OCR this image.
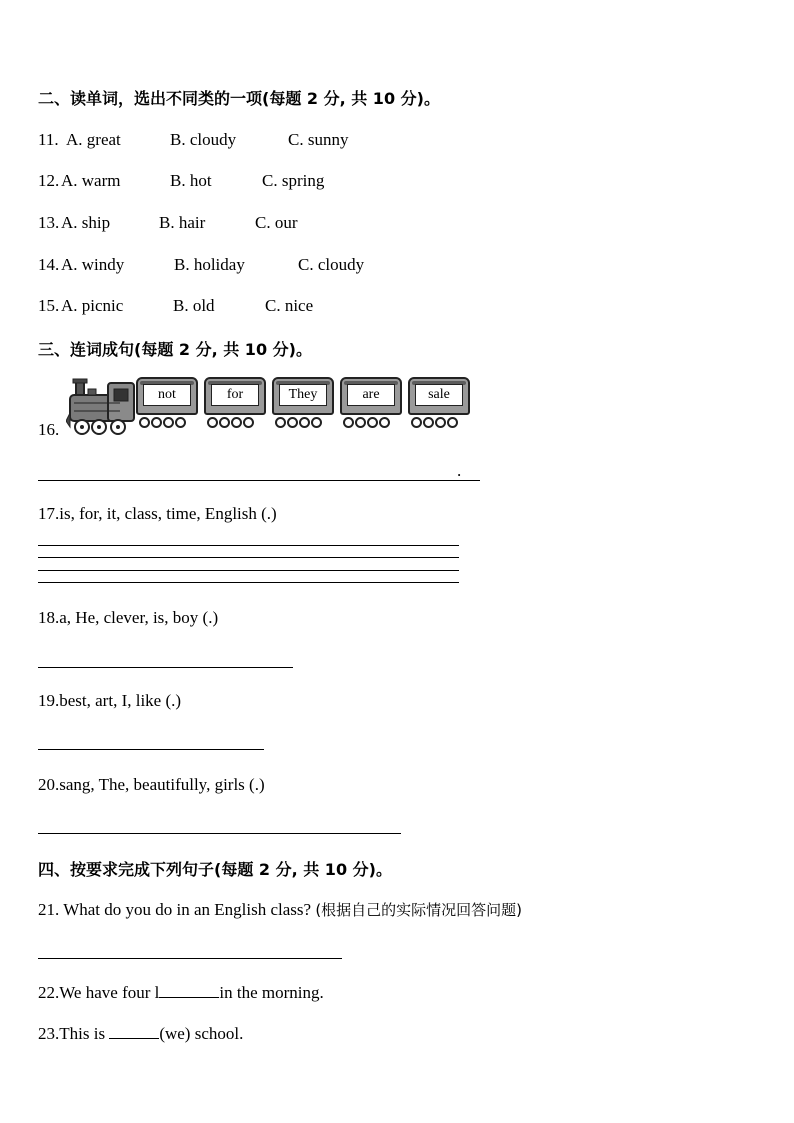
二、读单词，选出不同类的一项(每题 2 分, 共 10 分)。
11. A. great	B. cloudy	C. sunny
12. A. warm	B. hot	C. spring
13. A. ship	B. hair	C. our
14. A. windy	B. holiday	C. cloudy
15. A. picnic	B. old	C. nice
三、连词成句(每题 2 分, 共 10 分)。
16.
not	for	They	are	sale
.
17.is, for, it, class, time, English (.)
18.a, He, clever, is, boy (.)
19.best, art, I, like (.)
20.sang, The, beautifully, girls (.)
四、按要求完成下列句子(每题 2 分, 共 10 分)。
21. What do you do in an English class? (根据自己的实际情况回答问题)
22.We have four l	in the morning.
23.This is	(we) school.
